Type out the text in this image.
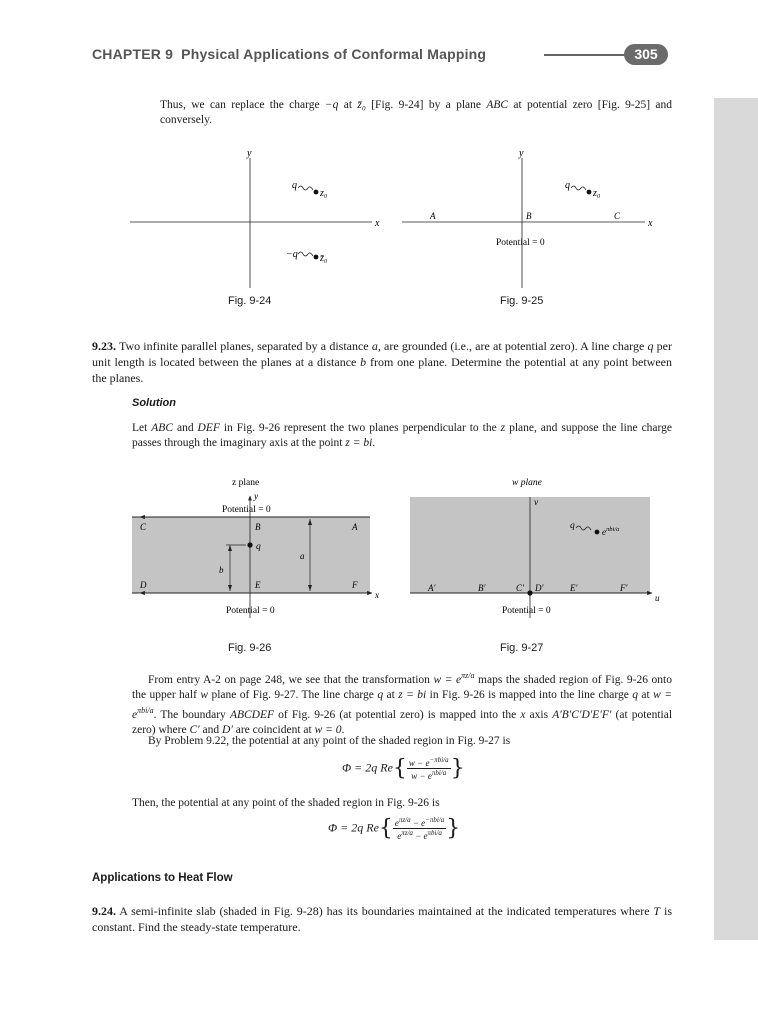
CHAPTER 9 Physical Applications of Conformal Mapping	305
Thus, we can replace the charge −q at z̄₀ [Fig. 9-24] by a plane ABC at potential zero [Fig. 9-25] and conversely.
y
x
q
z₀
−q z̄₀
y
x
A	B	C
Potential = 0
q
z₀
Fig. 9-24	Fig. 9-25
9.23. Two infinite parallel planes, separated by a distance a, are grounded (i.e., are at potential zero). A line charge q per unit length is located between the planes at a distance b from one plane. Determine the potential at any point between the planes.
Solution
Let ABC and DEF in Fig. 9-26 represent the two planes perpendicular to the z plane, and suppose the line charge passes through the imaginary axis at the point z = bi.
z plane
y
Potential = 0
Potential = 0
C	B	A
D	E	F
x
q
b
a
w plane
v
u
Potential = 0
q
$e^{\pi bi/a}$
A′	B′	C′ D′	E′	F′
Fig. 9-26	Fig. 9-27
From entry A-2 on page 248, we see that the transformation $w = e^{\pi z/a}$ maps the shaded region of Fig. 9-26 onto the upper half w plane of Fig. 9-27. The line charge q at z = bi in Fig. 9-26 is mapped into the line charge q at $w = e^{\pi bi/a}$. The boundary ABCDEF of Fig. 9-26 (at potential zero) is mapped into the x axis A′B′C′D′E′F′ (at potential zero) where C′ and D′ are coincident at w = 0.
By Problem 9.22, the potential at any point of the shaded region in Fig. 9-27 is
Φ = 2q $Re\{ \frac{w - e^{-\pi bi/a}}{w - e^{\pi bi/a}}$ }
Then, the potential at any point of the shaded region in Fig. 9-26 is
Φ = 2q $Re\{ \frac{e^{\pi z/a} - e^{-\pi bi/a}}{e^{\pi z/a} - e^{\pi bi/a}}$ }
Applications to Heat Flow
9.24. A semi-infinite slab (shaded in Fig. 9-28) has its boundaries maintained at the indicated temperatures where T is constant. Find the steady-state temperature.
